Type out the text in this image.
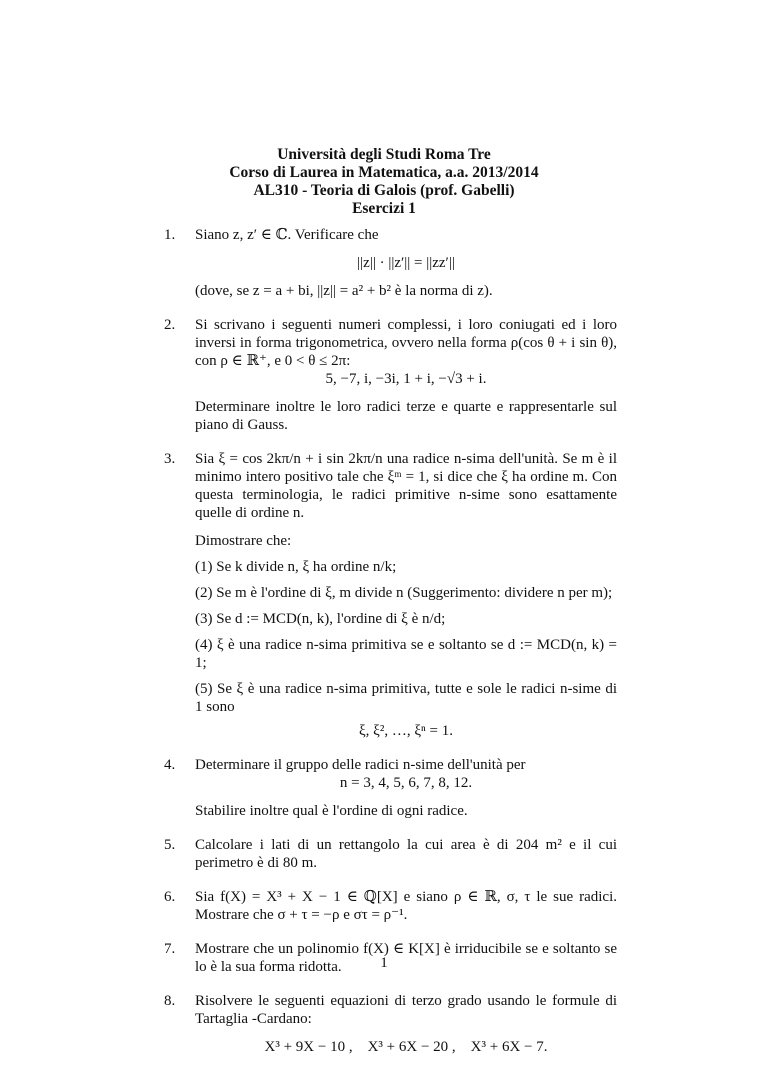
Università degli Studi Roma Tre
Corso di Laurea in Matematica, a.a. 2013/2014
AL310 - Teoria di Galois (prof. Gabelli)
Esercizi 1
1. Siano z, z′ ∈ ℂ. Verificare che

||z|| · ||z′|| = ||zz′||

(dove, se z = a + bi, ||z|| = a² + b² è la norma di z).

2. Si scrivano i seguenti numeri complessi, i loro coniugati ed i loro inversi in forma trigonometrica, ovvero nella forma ρ(cos θ + i sin θ), con ρ ∈ ℝ⁺, e 0 < θ ≤ 2π:

5, −7, i, −3i, 1 + i, −√3 + i.

Determinare inoltre le loro radici terze e quarte e rappresentarle sul piano di Gauss.

3. Sia ξ = cos 2kπ/n + i sin 2kπ/n una radice n-sima dell'unità. Se m è il minimo intero positivo tale che ξᵐ = 1, si dice che ξ ha ordine m. Con questa terminologia, le radici primitive n-sime sono esattamente quelle di ordine n.

Dimostrare che:

(1) Se k divide n, ξ ha ordine n/k;

(2) Se m è l'ordine di ξ, m divide n (Suggerimento: dividere n per m);

(3) Se d := MCD(n, k), l'ordine di ξ è n/d;

(4) ξ è una radice n-sima primitiva se e soltanto se d := MCD(n, k) = 1;

(5) Se ξ è una radice n-sima primitiva, tutte e sole le radici n-sime di 1 sono

ξ, ξ², …, ξⁿ = 1.

4. Determinare il gruppo delle radici n-sime dell'unità per

n = 3, 4, 5, 6, 7, 8, 12.

Stabilire inoltre qual è l'ordine di ogni radice.

5. Calcolare i lati di un rettangolo la cui area è di 204 m² e il cui perimetro è di 80 m.

6. Sia f(X) = X³ + X − 1 ∈ ℚ[X] e siano ρ ∈ ℝ, σ, τ le sue radici. Mostrare che σ + τ = −ρ e στ = ρ⁻¹.

7. Mostrare che un polinomio f(X) ∈ K[X] è irriducibile se e soltanto se lo è la sua forma ridotta.

8. Risolvere le seguenti equazioni di terzo grado usando le formule di Tartaglia -Cardano:

X³ + 9X − 10 ,    X³ + 6X − 20 ,    X³ + 6X − 7.

1
